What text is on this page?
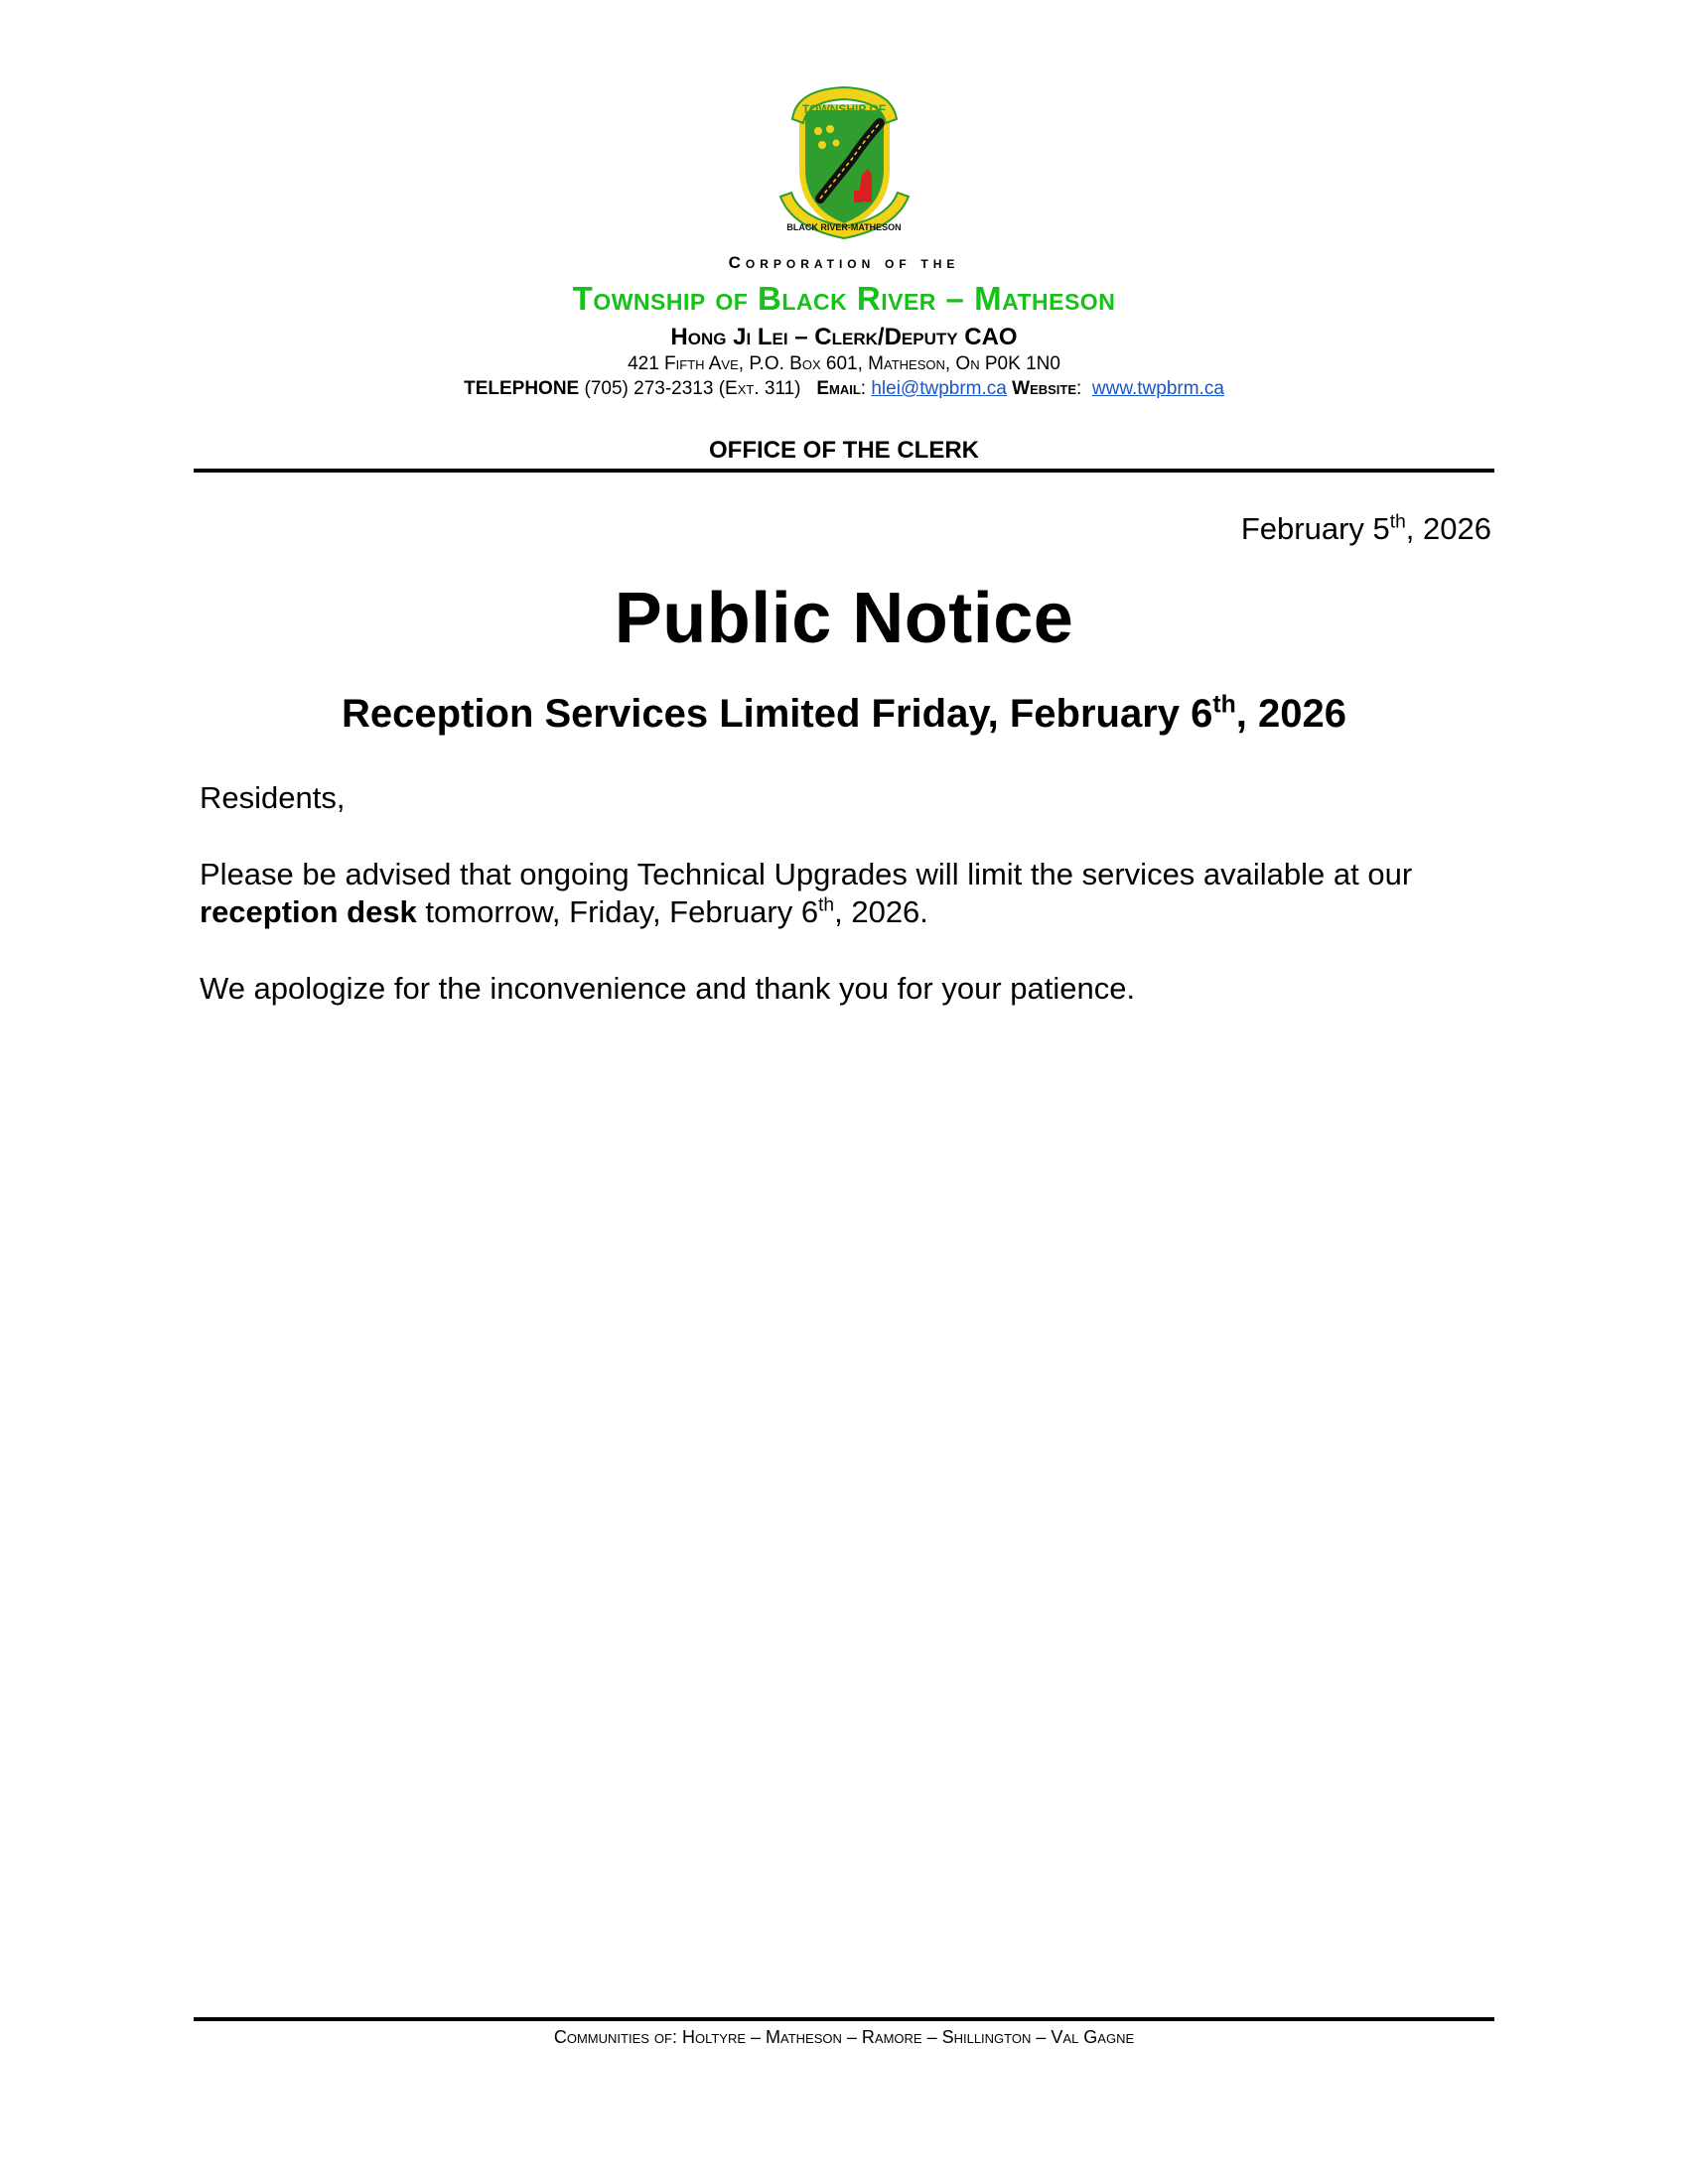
TOWNSHIP OF
BLACK RIVER-MATHESON
Corporation of the
Township of Black River – Matheson
Hong Ji Lei – Clerk/Deputy CAO
421 Fifth Ave, P.O. Box 601, Matheson, On P0K 1N0
TELEPHONE (705) 273-2313 (Ext. 311) Email: hlei@twpbrm.ca Website:  www.twpbrm.ca
OFFICE OF THE CLERK
February 5th, 2026
Public Notice
Reception Services Limited Friday, February 6th, 2026
Residents,
Please be advised that ongoing Technical Upgrades will limit the services available at our
reception desk tomorrow, Friday, February 6th, 2026.
We apologize for the inconvenience and thank you for your patience.
Communities of: Holtyre – Matheson – Ramore – Shillington – Val Gagne
